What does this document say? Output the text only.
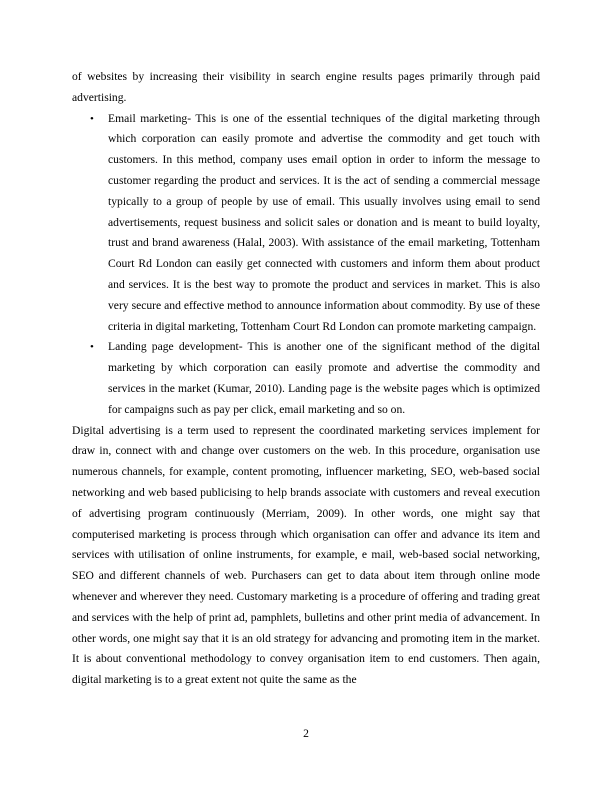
of websites by increasing their visibility in search engine results pages primarily through paid advertising.

• Email marketing- This is one of the essential techniques of the digital marketing through which corporation can easily promote and advertise the commodity and get touch with customers. In this method, company uses email option in order to inform the message to customer regarding the product and services. It is the act of sending a commercial message typically to a group of people by use of email. This usually involves using email to send advertisements, request business and solicit sales or donation and is meant to build loyalty, trust and brand awareness (Halal, 2003). With assistance of the email marketing, Tottenham Court Rd London can easily get connected with customers and inform them about product and services. It is the best way to promote the product and services in market. This is also very secure and effective method to announce information about commodity. By use of these criteria in digital marketing, Tottenham Court Rd London can promote marketing campaign.

• Landing page development- This is another one of the significant method of the digital marketing by which corporation can easily promote and advertise the commodity and services in the market (Kumar, 2010). Landing page is the website pages which is optimized for campaigns such as pay per click, email marketing and so on.

Digital advertising is a term used to represent the coordinated marketing services implement for draw in, connect with and change over customers on the web. In this procedure, organisation use numerous channels, for example, content promoting, influencer marketing, SEO, web-based social networking and web based publicising to help brands associate with customers and reveal execution of advertising program continuously (Merriam, 2009). In other words, one might say that computerised marketing is process through which organisation can offer and advance its item and services with utilisation of online instruments, for example, e mail, web-based social networking, SEO and different channels of web. Purchasers can get to data about item through online mode whenever and wherever they need. Customary marketing is a procedure of offering and trading great and services with the help of print ad, pamphlets, bulletins and other print media of advancement. In other words, one might say that it is an old strategy for advancing and promoting item in the market. It is about conventional methodology to convey organisation item to end customers. Then again, digital marketing is to a great extent not quite the same as the

2
